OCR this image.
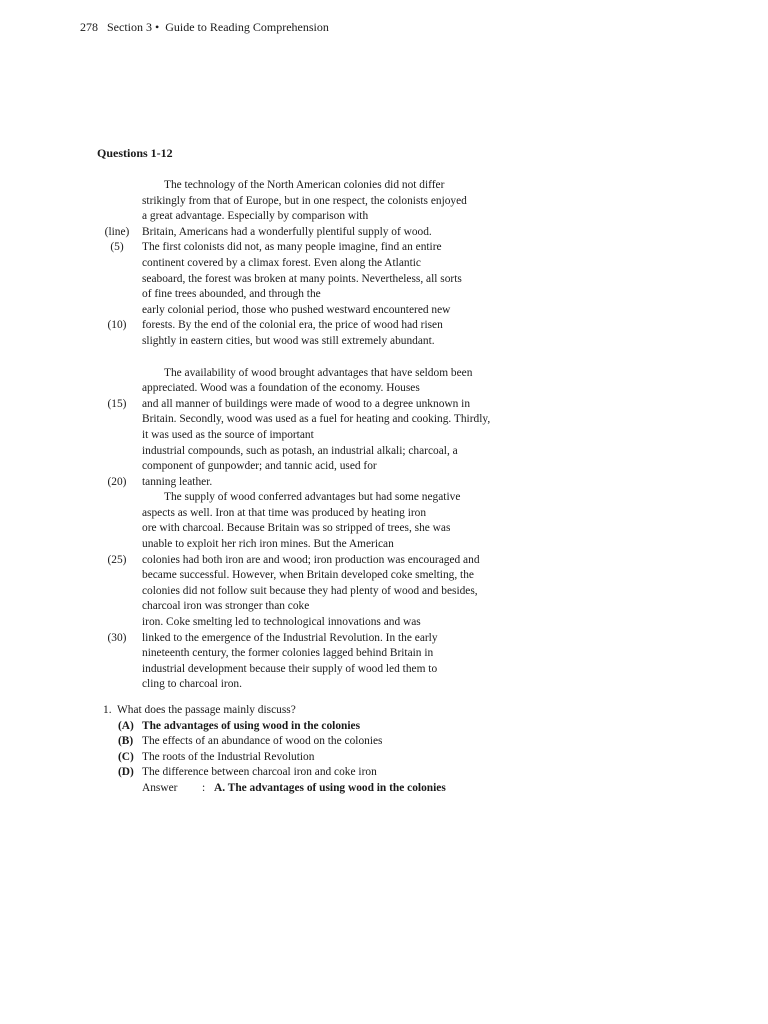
278 Section 3 • Guide to Reading Comprehension
Questions 1-12
The technology of the North American colonies did not differ
strikingly from that of Europe, but in one respect, the colonists enjoyed
a great advantage. Especially by comparison with
(line)	Britain, Americans had a wonderfully plentiful supply of wood.
(5)	The first colonists did not, as many people imagine, find an entire
continent covered by a climax forest. Even along the Atlantic
seaboard, the forest was broken at many points. Nevertheless, all sorts
of fine trees abounded, and through the
early colonial period, those who pushed westward encountered new
(10)	forests. By the end of the colonial era, the price of wood had risen
slightly in eastern cities, but wood was still extremely abundant.
The availability of wood brought advantages that have seldom been
appreciated. Wood was a foundation of the economy. Houses
(15)	and all manner of buildings were made of wood to a degree unknown in
Britain. Secondly, wood was used as a fuel for heating and cooking. Thirdly,
it was used as the source of important
industrial compounds, such as potash, an industrial alkali; charcoal, a
component of gunpowder; and tannic acid, used for
(20)	tanning leather.
The supply of wood conferred advantages but had some negative
aspects as well. Iron at that time was produced by heating iron
ore with charcoal. Because Britain was so stripped of trees, she was
unable to exploit her rich iron mines. But the American
(25)	colonies had both iron are and wood; iron production was encouraged and
became successful. However, when Britain developed coke smelting, the
colonies did not follow suit because they had plenty of wood and besides,
charcoal iron was stronger than coke
iron. Coke smelting led to technological innovations and was
(30)	linked to the emergence of the Industrial Revolution. In the early
nineteenth century, the former colonies lagged behind Britain in
industrial development because their supply of wood led them to
cling to charcoal iron.
1. What does the passage mainly discuss?
(A) The advantages of using wood in the colonies
(B) The effects of an abundance of wood on the colonies
(C) The roots of the Industrial Revolution
(D) The difference between charcoal iron and coke iron
Answer : A. The advantages of using wood in the colonies
